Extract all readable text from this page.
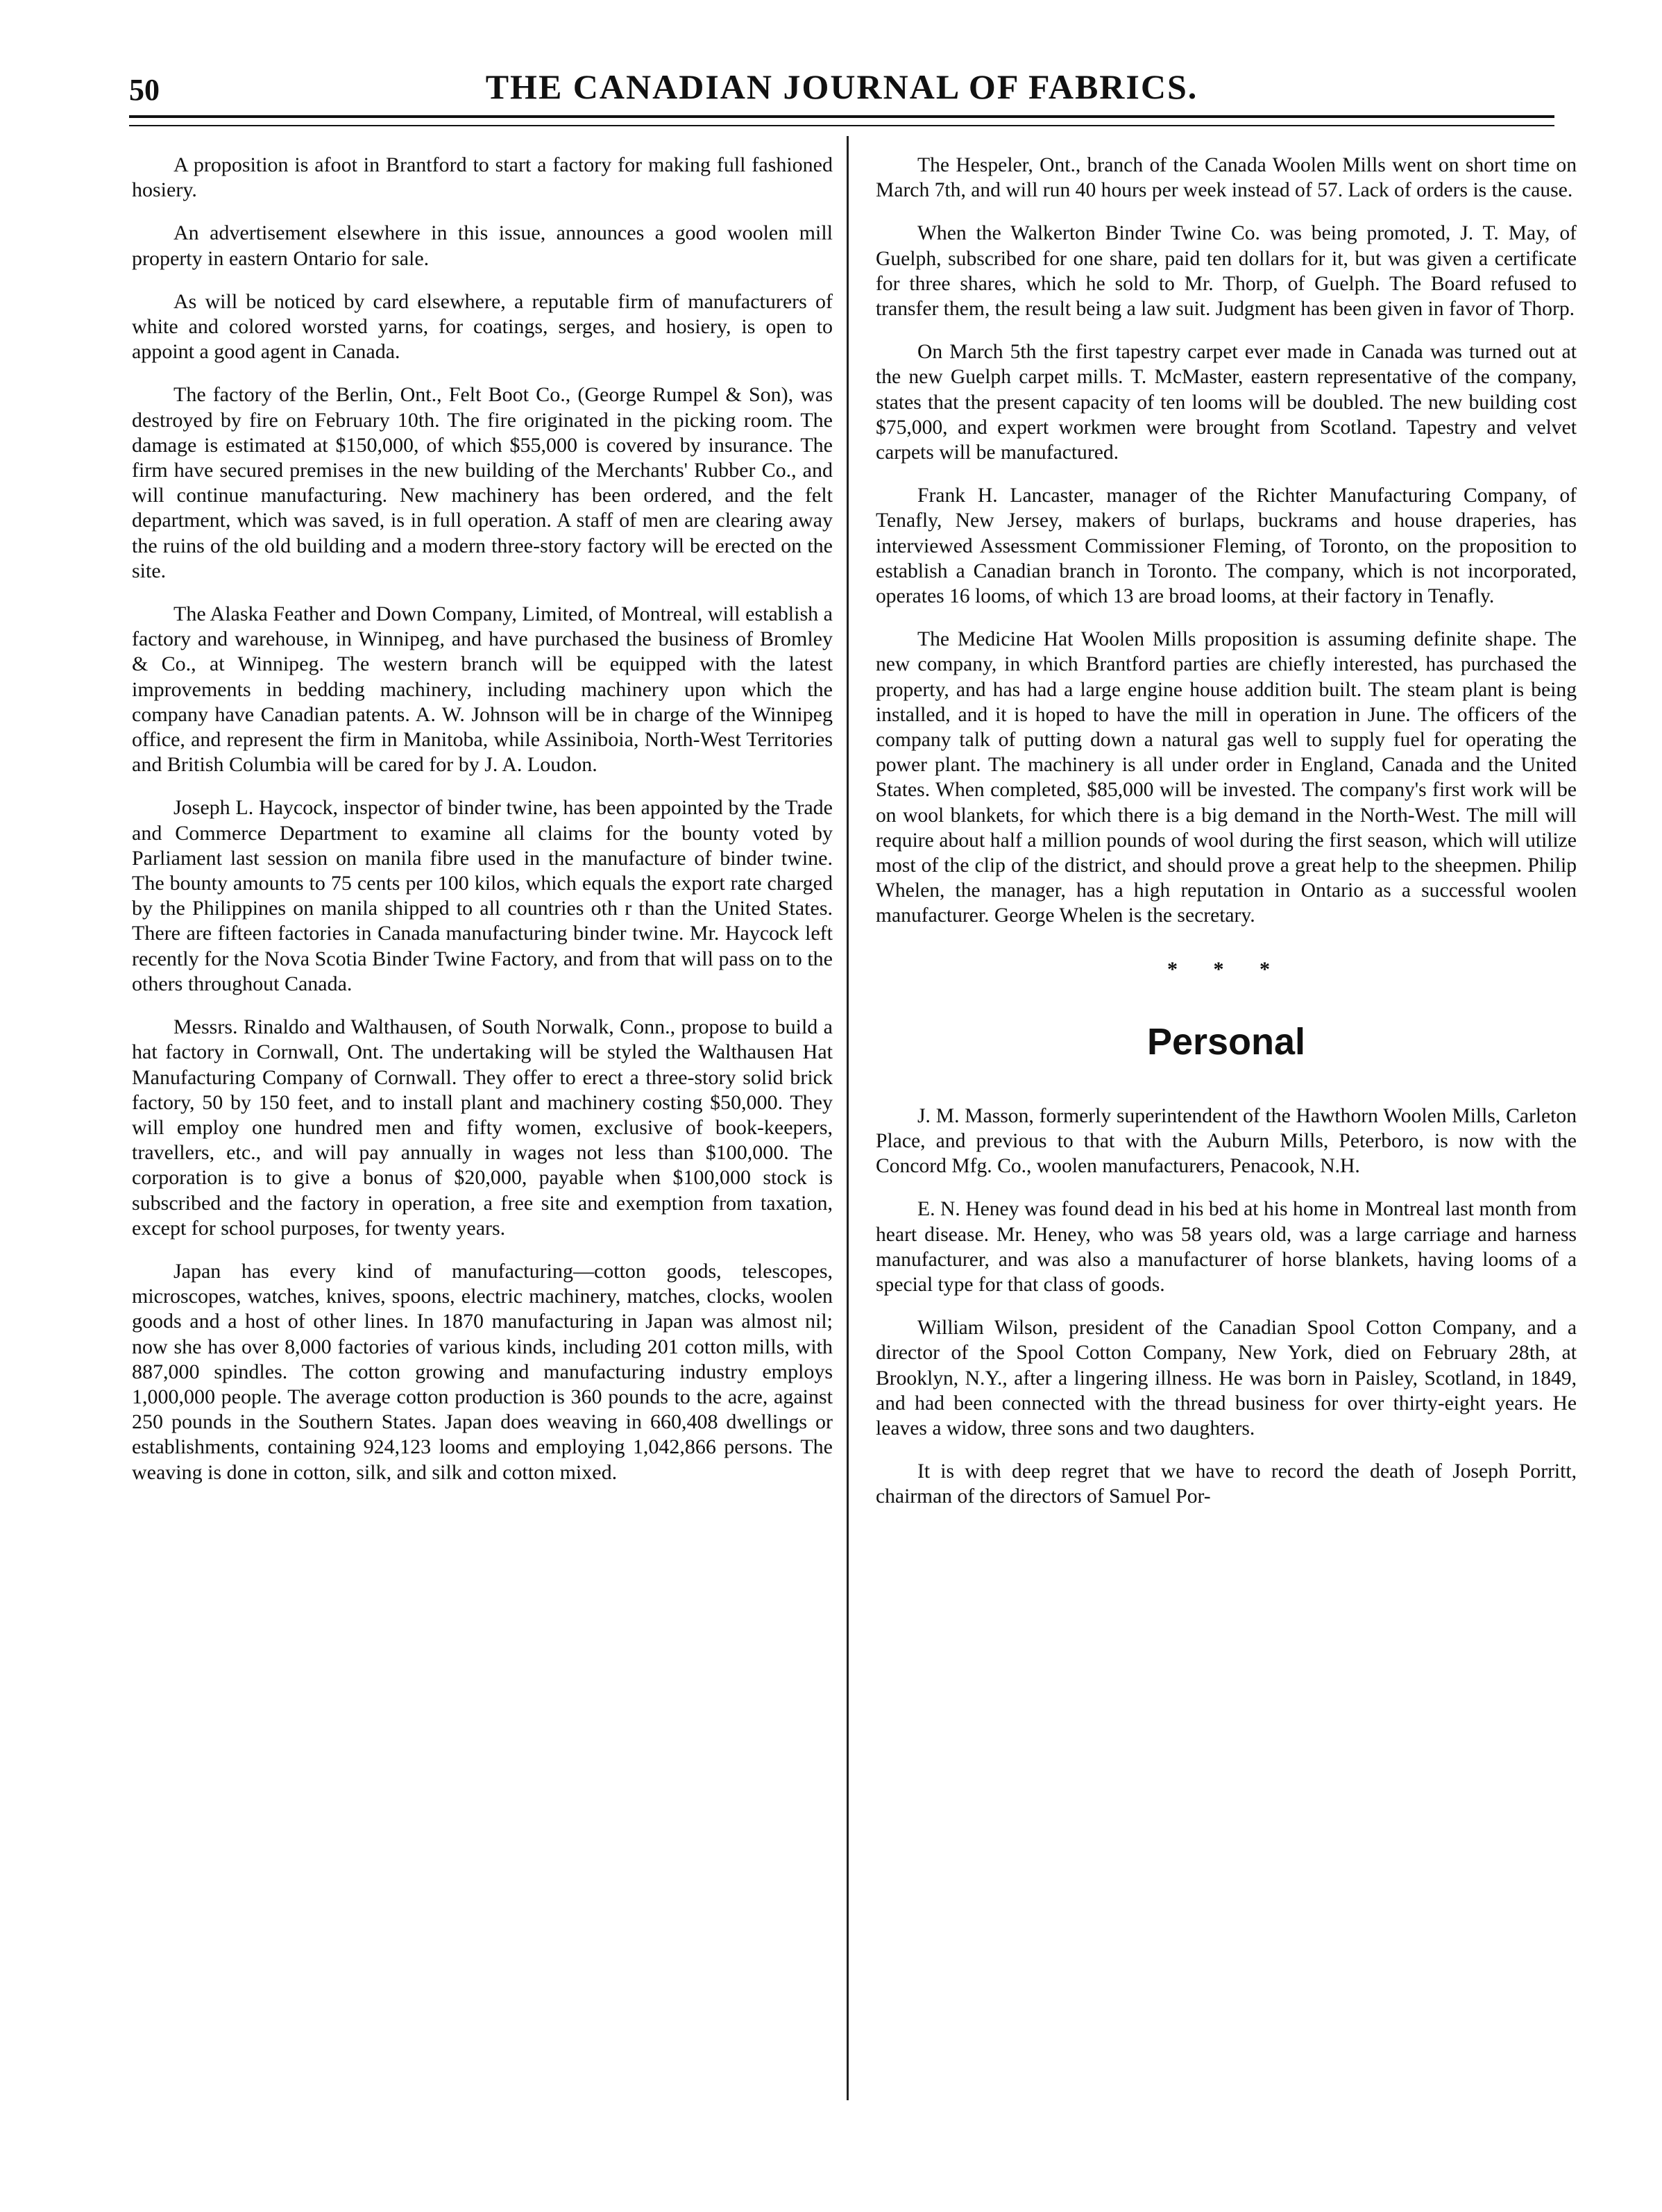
50	THE CANADIAN JOURNAL OF FABRICS.

A proposition is afoot in Brantford to start a factory for making full fashioned hosiery.

An advertisement elsewhere in this issue, announces a good woolen mill property in eastern Ontario for sale.

As will be noticed by card elsewhere, a reputable firm of manufacturers of white and colored worsted yarns, for coatings, serges, and hosiery, is open to appoint a good agent in Canada.

The factory of the Berlin, Ont., Felt Boot Co., (George Rumpel & Son), was destroyed by fire on February 10th. The fire originated in the picking room. The damage is estimated at $150,000, of which $55,000 is covered by insurance. The firm have secured premises in the new building of the Merchants' Rubber Co., and will continue manufacturing. New machinery has been ordered, and the felt department, which was saved, is in full operation. A staff of men are clearing away the ruins of the old building and a modern three-story factory will be erected on the site.

The Alaska Feather and Down Company, Limited, of Montreal, will establish a factory and warehouse, in Winnipeg, and have purchased the business of Bromley & Co., at Winnipeg. The western branch will be equipped with the latest improvements in bedding machinery, including machinery upon which the company have Canadian patents. A. W. Johnson will be in charge of the Winnipeg office, and represent the firm in Manitoba, while Assiniboia, North-West Territories and British Columbia will be cared for by J. A. Loudon.

Joseph L. Haycock, inspector of binder twine, has been appointed by the Trade and Commerce Department to examine all claims for the bounty voted by Parliament last session on manila fibre used in the manufacture of binder twine. The bounty amounts to 75 cents per 100 kilos, which equals the export rate charged by the Philippines on manila shipped to all countries oth r than the United States. There are fifteen factories in Canada manufacturing binder twine. Mr. Haycock left recently for the Nova Scotia Binder Twine Factory, and from that will pass on to the others throughout Canada.

Messrs. Rinaldo and Walthausen, of South Norwalk, Conn., propose to build a hat factory in Cornwall, Ont. The undertaking will be styled the Walthausen Hat Manufacturing Company of Cornwall. They offer to erect a three-story solid brick factory, 50 by 150 feet, and to install plant and machinery costing $50,000. They will employ one hundred men and fifty women, exclusive of book-keepers, travellers, etc., and will pay annually in wages not less than $100,000. The corporation is to give a bonus of $20,000, payable when $100,000 stock is subscribed and the factory in operation, a free site and exemption from taxation, except for school purposes, for twenty years.

Japan has every kind of manufacturing—cotton goods, telescopes, microscopes, watches, knives, spoons, electric machinery, matches, clocks, woolen goods and a host of other lines. In 1870 manufacturing in Japan was almost nil; now she has over 8,000 factories of various kinds, including 201 cotton mills, with 887,000 spindles. The cotton growing and manufacturing industry employs 1,000,000 people. The average cotton production is 360 pounds to the acre, against 250 pounds in the Southern States. Japan does weaving in 660,408 dwellings or establishments, containing 924,123 looms and employing 1,042,866 persons. The weaving is done in cotton, silk, and silk and cotton mixed.

The Hespeler, Ont., branch of the Canada Woolen Mills went on short time on March 7th, and will run 40 hours per week instead of 57. Lack of orders is the cause.

When the Walkerton Binder Twine Co. was being promoted, J. T. May, of Guelph, subscribed for one share, paid ten dollars for it, but was given a certificate for three shares, which he sold to Mr. Thorp, of Guelph. The Board refused to transfer them, the result being a law suit. Judgment has been given in favor of Thorp.

On March 5th the first tapestry carpet ever made in Canada was turned out at the new Guelph carpet mills. T. McMaster, eastern representative of the company, states that the present capacity of ten looms will be doubled. The new building cost $75,000, and expert workmen were brought from Scotland. Tapestry and velvet carpets will be manufactured.

Frank H. Lancaster, manager of the Richter Manufacturing Company, of Tenafly, New Jersey, makers of burlaps, buckrams and house draperies, has interviewed Assessment Commissioner Fleming, of Toronto, on the proposition to establish a Canadian branch in Toronto. The company, which is not incorporated, operates 16 looms, of which 13 are broad looms, at their factory in Tenafly.

The Medicine Hat Woolen Mills proposition is assuming definite shape. The new company, in which Brantford parties are chiefly interested, has purchased the property, and has had a large engine house addition built. The steam plant is being installed, and it is hoped to have the mill in operation in June. The officers of the company talk of putting down a natural gas well to supply fuel for operating the power plant. The machinery is all under order in England, Canada and the United States. When completed, $85,000 will be invested. The company's first work will be on wool blankets, for which there is a big demand in the North-West. The mill will require about half a million pounds of wool during the first season, which will utilize most of the clip of the district, and should prove a great help to the sheepmen. Philip Whelen, the manager, has a high reputation in Ontario as a successful woolen manufacturer. George Whelen is the secretary.

* * *
Personal

J. M. Masson, formerly superintendent of the Hawthorn Woolen Mills, Carleton Place, and previous to that with the Auburn Mills, Peterboro, is now with the Concord Mfg. Co., woolen manufacturers, Penacook, N.H.

E. N. Heney was found dead in his bed at his home in Montreal last month from heart disease. Mr. Heney, who was 58 years old, was a large carriage and harness manufacturer, and was also a manufacturer of horse blankets, having looms of a special type for that class of goods.

William Wilson, president of the Canadian Spool Cotton Company, and a director of the Spool Cotton Company, New York, died on February 28th, at Brooklyn, N.Y., after a lingering illness. He was born in Paisley, Scotland, in 1849, and had been connected with the thread business for over thirty-eight years. He leaves a widow, three sons and two daughters.

It is with deep regret that we have to record the death of Joseph Porritt, chairman of the directors of Samuel Por-
